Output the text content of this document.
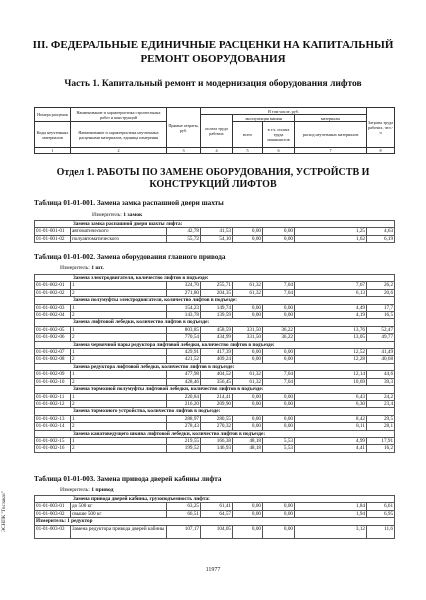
III. ФЕДЕРАЛЬНЫЕ ЕДИНИЧНЫЕ РАСЦЕНКИ НА КАПИТАЛЬНЫЙ РЕМОНТ ОБОРУДОВАНИЯ
Часть 1. Капитальный ремонт и модернизация оборудования лифтов
Номера расценок	Наименование и характеристика строительных работ и конструкций	Прямые затраты, руб.	В том числе, руб.				Затраты труда рабочих, чел.-ч
			оплата труда рабочих	эксплуатация машин		материалы	
Коды неучтенных материалов	Наименование и характеристика неучтенных расценками материалов, единица измерения			всего	в т.ч. оплата труда машинистов	расход неучтенных материалов	

1	2	3	4	5	6	7	8
Отдел 1. РАБОТЫ ПО ЗАМЕНЕ ОБОРУДОВАНИЯ, УСТРОЙСТВ И КОНСТРУКЦИЙ ЛИФТОВ
Таблица 01-01-001. Замена замка распашной двери шахты
Измеритель: 1 замок
Замена замка распашной двери шахты лифта:							
01-01-001-01	автоматического	42,78	41,53	0,00	0,00	1,25	4,63
01-01-001-02	полуавтоматического	55,72	54,10	0,00	0,00	1,62	6,19
Таблица 01-01-002. Замена оборудования главного привода
Измеритель: 1 шт.
Замена электродвигателя, количество лифтов в подъезде:							
01-01-002-01	1	324,70	255,71	61,32	7,04	7,67	26,2
01-01-002-02	2	271,80	204,35	61,32	7,04	6,13	20,6
Замена полумуфты электродвигателя, количество лифтов в подъезде:							
01-01-002-03	1	154,23	149,74	0,00	0,00	4,49	17,7
01-01-002-04	2	143,78	139,59	0,00	0,00	4,19	16,5
Замена лифтовой лебедки, количество лифтов в подъезде:							
01-01-002-05	1	803,85	458,59	331,50	36,22	13,76	52,47
01-01-002-06	2	770,54	434,99	331,50	36,22	13,05	49,77
Замена червячной пары редуктора лифтовой лебедки, количество лифтов в подъезде:							
01-01-002-07	1	429,91	417,39	0,00	0,00	12,52	41,49
01-01-002-08	2	421,52	409,24	0,00	0,00	12,28	40,68
Замена редуктора лифтовой лебедки, количество лифтов в подъезде:							
01-01-002-09	1	477,98	404,52	61,32	7,04	12,14	44,6
01-01-002-10	2	428,46	356,45	61,32	7,04	10,69	39,3
Замена тормозной полумуфты лифтовой лебедки, количество лифтов в подъезде:							
01-01-002-11	1	220,84	214,41	0,00	0,00	6,43	24,2
01-01-002-12	2	216,20	209,90	0,00	0,00	6,30	23,4
Замена тормозного устройства, количество лифтов в подъезде:							
01-01-002-13	1	288,97	280,55	0,00	0,00	8,42	29,5
01-01-002-14	2	278,43	270,32	0,00	0,00	8,11	28,1
Замена канатоведущего шкива лифтовой лебедки, количество лифтов в подъезде:							
01-01-002-15	1	219,55	166,38	48,18	5,53	4,99	17,91
01-01-002-16	2	199,52	146,93	48,18	5,53	4,41	16,2
Таблица 01-01-003. Замена привода дверей кабины лифта
Измеритель: 1 привод
Замена привода дверей кабины, грузоподъемность лифта:							
01-01-003-01	до 500 кг	63,25	61,41	0,00	0,00	1,84	6,61
01-01-003-02	свыше 500 кг	66,51	64,57	0,00	0,00	1,94	6,95
Измеритель: 1 редуктор							
01-01-003-03	Замена редуктора привода дверей кабины	107,17	104,05	0,00	0,00	3,12	11,6
ЭСНПК "Госзаказ"
11977
